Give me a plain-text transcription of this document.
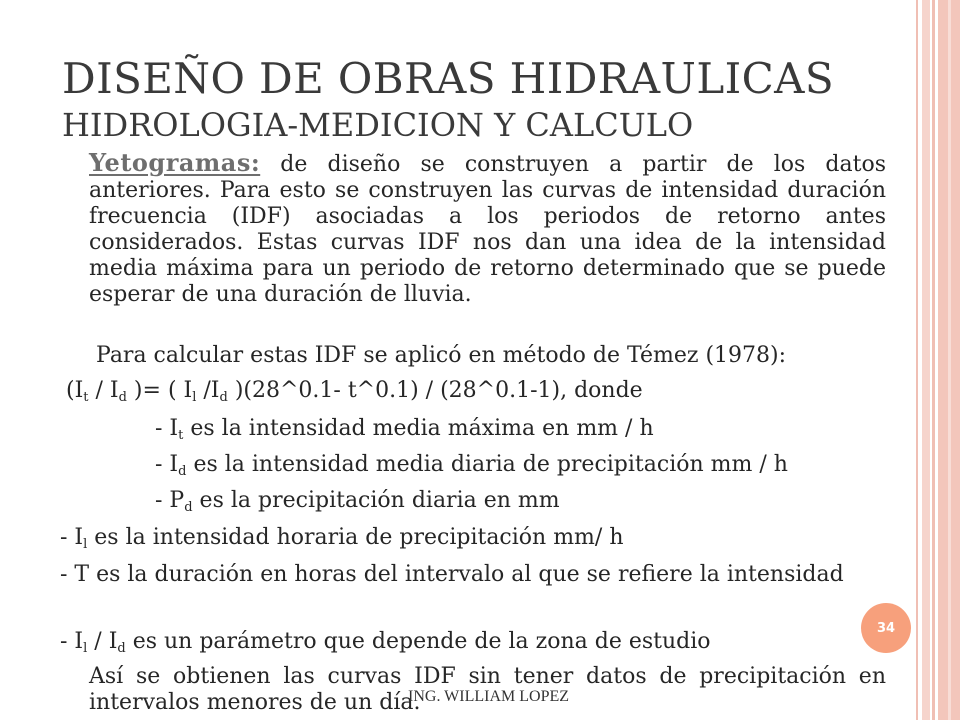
DISEÑO DE OBRAS HIDRAULICAS
HIDROLOGIA-MEDICION Y CALCULO
Yetogramas: de diseño se construyen a partir de los datos anteriores. Para esto se construyen las curvas de intensidad duración frecuencia (IDF) asociadas a los periodos de retorno antes considerados. Estas curvas IDF nos dan una idea de la intensidad media máxima para un periodo de retorno determinado que se puede esperar de una duración de lluvia.
Para calcular estas IDF se aplicó en método de Témez (1978):
($I_t / I_d$ )= ( $I_l$ $/I_d$ )(28^0.1- t^0.1) / (28^0.1-1), donde
- $I_t$ es la intensidad media máxima en mm / h
- $I_d$ es la intensidad media diaria de precipitación mm / h
- $P_d$ es la precipitación diaria en mm
- $I_l$ es la intensidad horaria de precipitación mm/ h
- T es la duración en horas del intervalo al que se refiere la intensidad
- $I_l / I_d$ es un parámetro que depende de la zona de estudio
Así se obtienen las curvas IDF sin tener datos de precipitación en intervalos menores de un día.
34
ING. WILLIAM LOPEZ
